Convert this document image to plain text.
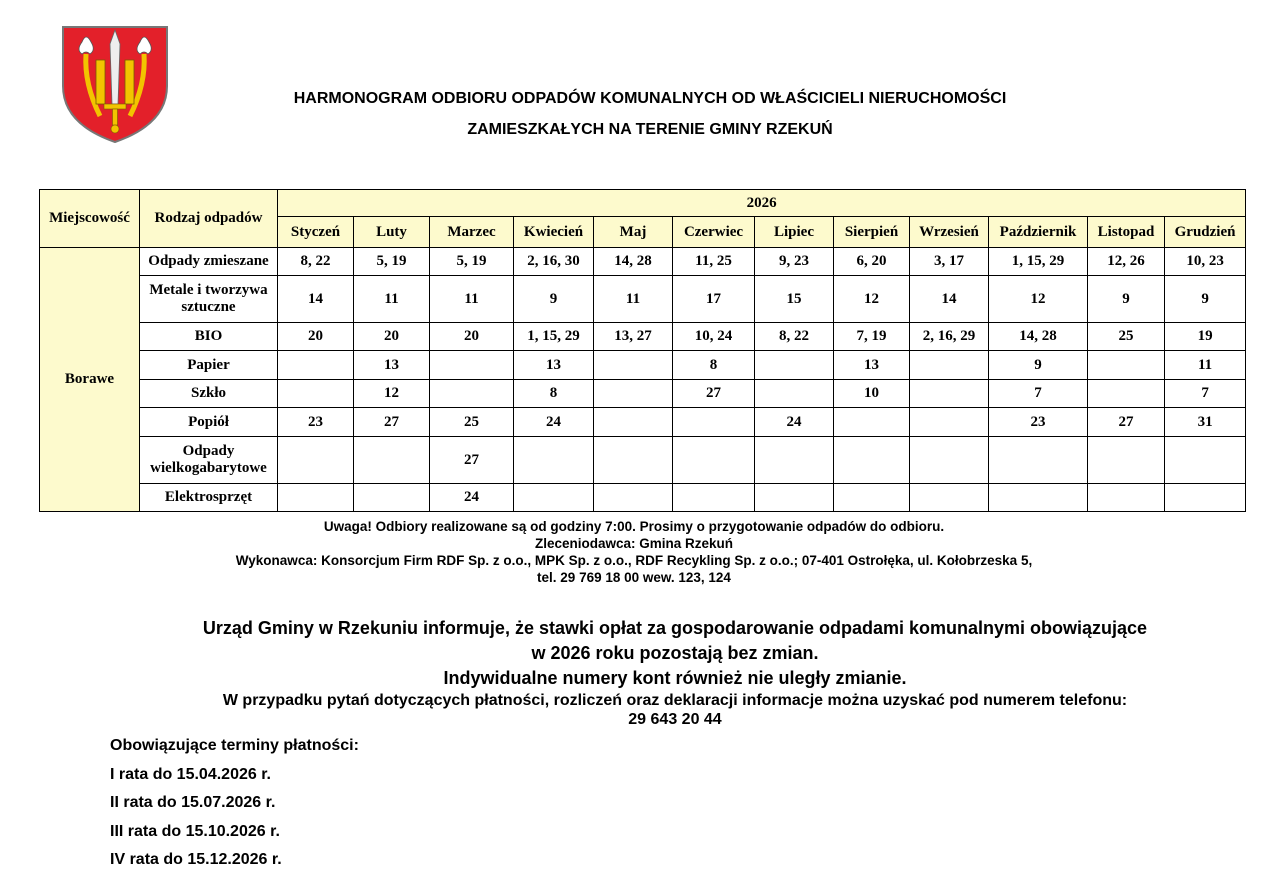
HARMONOGRAM ODBIORU ODPADÓW KOMUNALNYCH OD WŁAŚCICIELI NIERUCHOMOŚCI
ZAMIESZKAŁYCH NA TERENIE GMINY RZEKUŃ
Miejscowość	Rodzaj odpadów	2026											
		Styczeń	Luty	Marzec	Kwiecień	Maj	Czerwiec	Lipiec	Sierpień	Wrzesień	Październik	Listopad	Grudzień
Borawe	Odpady zmieszane	8, 22	5, 19	5, 19	2, 16, 30	14, 28	11, 25	9, 23	6, 20	3, 17	1, 15, 29	12, 26	10, 23
	Metale i tworzywa sztuczne	14	11	11	9	11	17	15	12	14	12	9	9
	BIO	20	20	20	1, 15, 29	13, 27	10, 24	8, 22	7, 19	2, 16, 29	14, 28	25	19
	Papier		13		13		8		13		9		11
	Szkło		12		8		27		10		7		7
	Popiół	23	27	25	24			24			23	27	31
	Odpady wielkogabarytowe			27									
	Elektrosprzęt			24									
Uwaga! Odbiory realizowane są od godziny 7:00. Prosimy o przygotowanie odpadów do odbioru.
Zleceniodawca: Gmina Rzekuń
Wykonawca: Konsorcjum Firm RDF Sp. z o.o., MPK Sp. z o.o., RDF Recykling Sp. z o.o.; 07-401 Ostrołęka, ul. Kołobrzeska 5,
tel. 29 769 18 00 wew. 123, 124
Urząd Gminy w Rzekuniu informuje, że stawki opłat za gospodarowanie odpadami komunalnymi obowiązujące
w 2026 roku pozostają bez zmian.
Indywidualne numery kont również nie uległy zmianie.
W przypadku pytań dotyczących płatności, rozliczeń oraz deklaracji informacje można uzyskać pod numerem telefonu:
29 643 20 44
Obowiązujące terminy płatności:
I rata do 15.04.2026 r.
II rata do 15.07.2026 r.
III rata do 15.10.2026 r.
IV rata do 15.12.2026 r.
